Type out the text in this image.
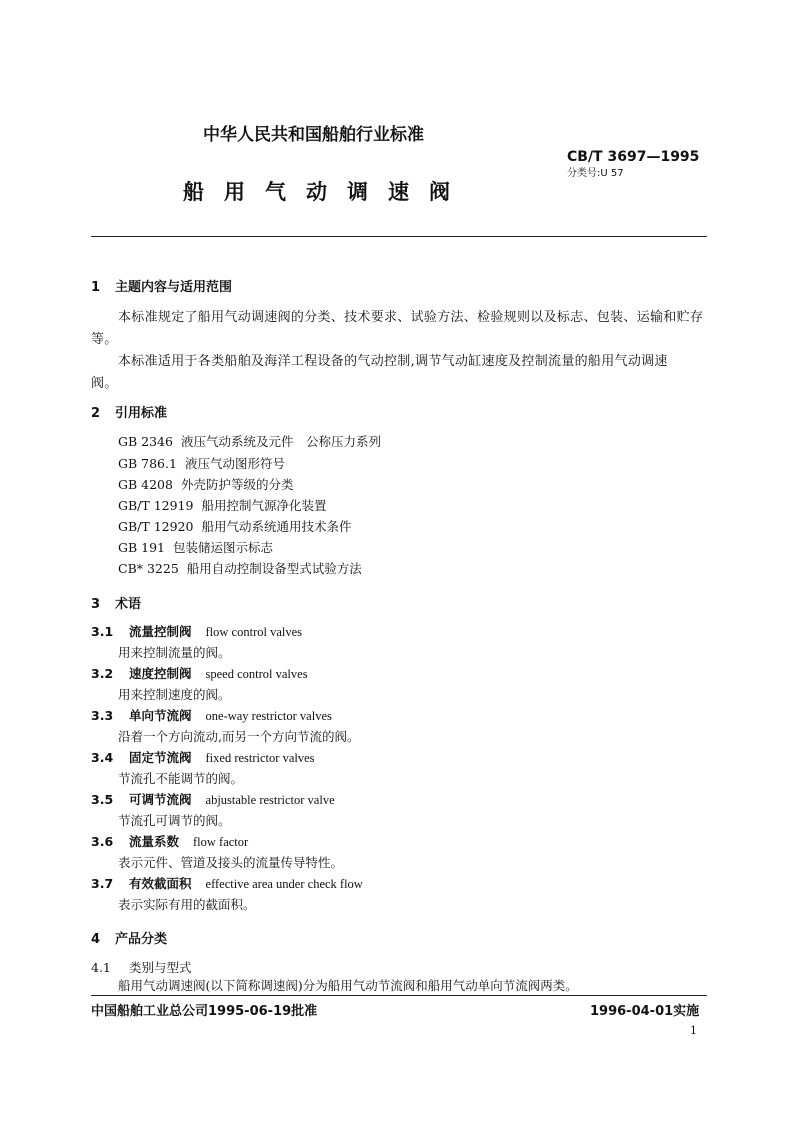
中华人民共和国船舶行业标准
CB/T 3697—1995
分类号:U 57
船用气动调速阀
1 主题内容与适用范围
本标准规定了船用气动调速阀的分类、技术要求、试验方法、检验规则以及标志、包装、运输和贮存
等。
本标准适用于各类船舶及海洋工程设备的气动控制,调节气动缸速度及控制流量的船用气动调速
阀。
2 引用标准
GB 2346 液压气动系统及元件　公称压力系列
GB 786.1 液压气动图形符号
GB 4208 外壳防护等级的分类
GB/T 12919 船用控制气源净化装置
GB/T 12920 船用气动系统通用技术条件
GB 191 包装储运图示标志
CB* 3225 船用自动控制设备型式试验方法
3 术语
3.1 流量控制阀 flow control valves
用来控制流量的阀。
3.2 速度控制阀 speed control valves
用来控制速度的阀。
3.3 单向节流阀 one-way restrictor valves
沿着一个方向流动,而另一个方向节流的阀。
3.4 固定节流阀 fixed restrictor valves
节流孔不能调节的阀。
3.5 可调节流阀 abjustable restrictor valve
节流孔可调节的阀。
3.6 流量系数 flow factor
表示元件、管道及接头的流量传导特性。
3.7 有效截面积 effective area under check flow
表示实际有用的截面积。
4 产品分类
4.1 类别与型式
船用气动调速阀(以下简称调速阀)分为船用气动节流阀和船用气动单向节流阀两类。
中国船舶工业总公司1995-06-19批准	1996-04-01实施
1
